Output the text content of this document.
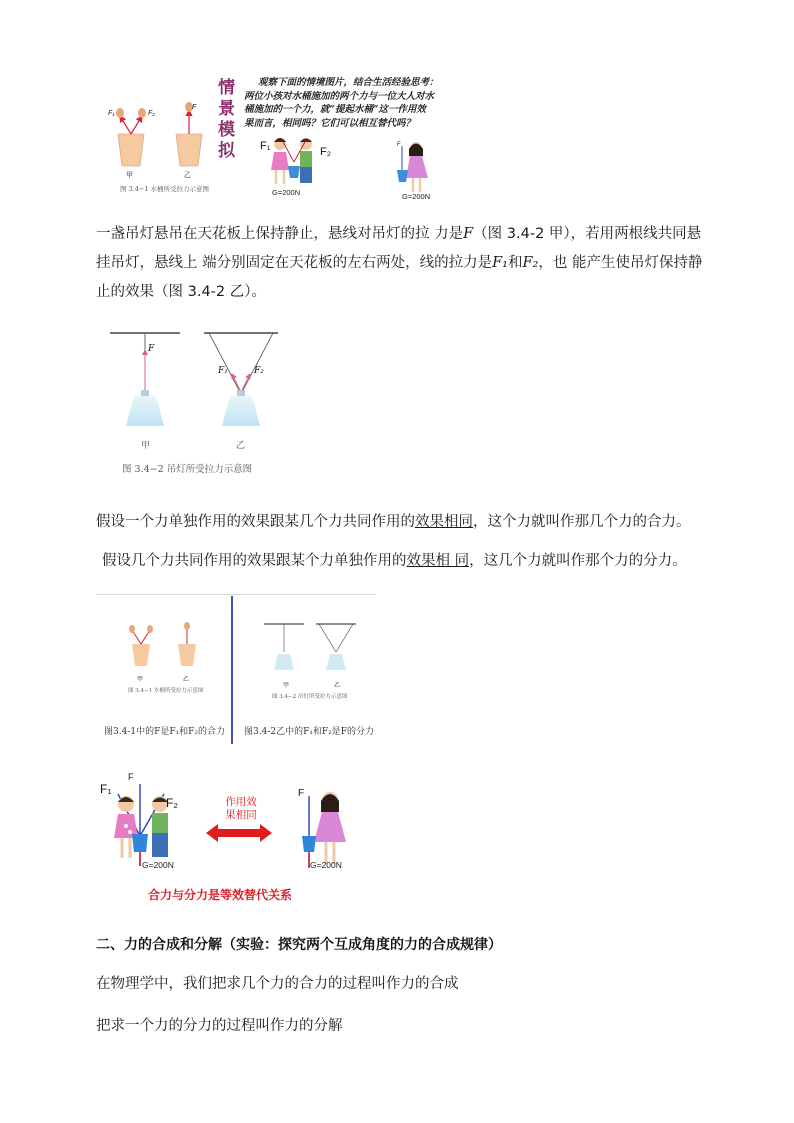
F₁	F₂
F
甲	乙
图 3.4−1 水桶所受拉力示意图
情
景
模
拟
观察下面的情境图片，结合生活经验思考：
两位小孩对水桶施加的两个力与一位大人对水
桶施加的一个力，就“提起水桶”这一作用效
果而言，相同吗？它们可以相互替代吗？
F₁	F₂
G=200N
F
G=200N

一盏吊灯悬吊在天花板上保持静止，悬线对吊灯的拉 力是F（图 3.4-2 甲），若用两根线共同悬挂吊灯，悬线上 端分别固定在天花板的左右两处，线的拉力是F₁和F₂，也 能产生使吊灯保持静止的效果（图 3.4-2 乙）。

F
F₁	F₂
甲	乙
图 3.4−2 吊灯所受拉力示意图

假设一个力单独作用的效果跟某几个力共同作用的效果相同，这个力就叫作那几个力的合力。

假设几个力共同作用的效果跟某个力单独作用的效果相 同，这几个力就叫作那个力的分力。

甲	乙
图 3.4−1 水桶所受拉力示意图
甲	乙
图 3.4−2 吊灯所受拉力示意图
图3.4-1中的F是F₁和F₂的合力 图3.4-2乙中的F₁和F₂是F的分力
F₁
F
F₂
G=200N
作用效
果相同
F
G=200N
合力与分力是等效替代关系
二、力的合成和分解（实验：探究两个互成角度的力的合成规律）
在物理学中，我们把求几个力的合力的过程叫作力的合成
把求一个力的分力的过程叫作力的分解
